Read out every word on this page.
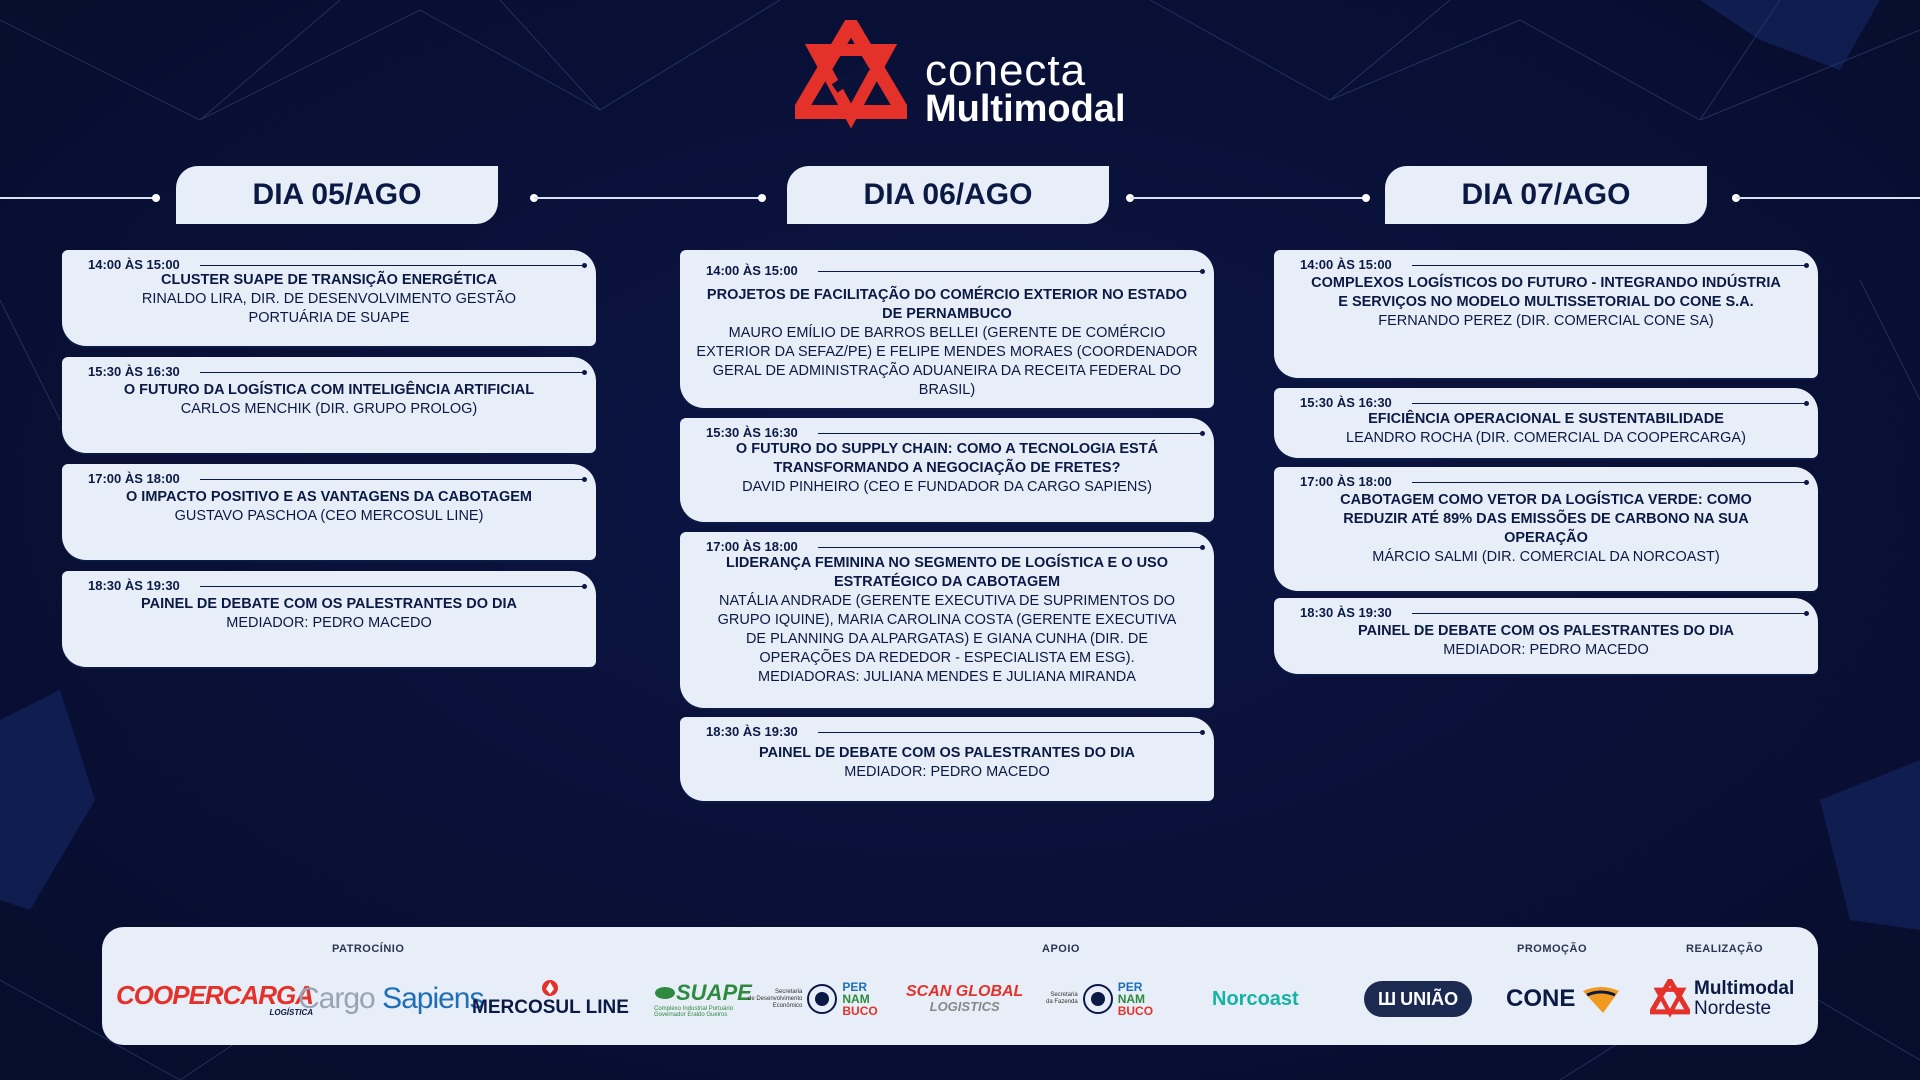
conecta
Multimodal
DIA 05/AGO	DIA 06/AGO	DIA 07/AGO
14:00 ÀS 15:00
CLUSTER SUAPE DE TRANSIÇÃO ENERGÉTICA
RINALDO LIRA, DIR. DE DESENVOLVIMENTO GESTÃO
PORTUÁRIA DE SUAPE
15:30 ÀS 16:30
O FUTURO DA LOGÍSTICA COM INTELIGÊNCIA ARTIFICIAL
CARLOS MENCHIK (DIR. GRUPO PROLOG)
17:00 ÀS 18:00
O IMPACTO POSITIVO E AS VANTAGENS DA CABOTAGEM
GUSTAVO PASCHOA (CEO MERCOSUL LINE)
18:30 ÀS 19:30
PAINEL DE DEBATE COM OS PALESTRANTES DO DIA
MEDIADOR: PEDRO MACEDO
14:00 ÀS 15:00
PROJETOS DE FACILITAÇÃO DO COMÉRCIO EXTERIOR NO ESTADO DE PERNAMBUCO
MAURO EMÍLIO DE BARROS BELLEI (GERENTE DE COMÉRCIO EXTERIOR DA SEFAZ/PE) E FELIPE MENDES MORAES (COORDENADOR GERAL DE ADMINISTRAÇÃO ADUANEIRA DA RECEITA FEDERAL DO BRASIL)
15:30 ÀS 16:30
O FUTURO DO SUPPLY CHAIN: COMO A TECNOLOGIA ESTÁ TRANSFORMANDO A NEGOCIAÇÃO DE FRETES?
DAVID PINHEIRO (CEO E FUNDADOR DA CARGO SAPIENS)
17:00 ÀS 18:00
LIDERANÇA FEMININA NO SEGMENTO DE LOGÍSTICA E O USO ESTRATÉGICO DA CABOTAGEM
NATÁLIA ANDRADE (GERENTE EXECUTIVA DE SUPRIMENTOS DO GRUPO IQUINE), MARIA CAROLINA COSTA (GERENTE EXECUTIVA DE PLANNING DA ALPARGATAS) E GIANA CUNHA (DIR. DE OPERAÇÕES DA REDEDOR - ESPECIALISTA EM ESG).
MEDIADORAS: JULIANA MENDES E JULIANA MIRANDA
18:30 ÀS 19:30
PAINEL DE DEBATE COM OS PALESTRANTES DO DIA
MEDIADOR: PEDRO MACEDO
14:00 ÀS 15:00
COMPLEXOS LOGÍSTICOS DO FUTURO - INTEGRANDO INDÚSTRIA E SERVIÇOS NO MODELO MULTISSETORIAL DO CONE S.A.
FERNANDO PEREZ (DIR. COMERCIAL CONE SA)
15:30 ÀS 16:30
EFICIÊNCIA OPERACIONAL E SUSTENTABILIDADE
LEANDRO ROCHA (DIR. COMERCIAL DA COOPERCARGA)
17:00 ÀS 18:00
CABOTAGEM COMO VETOR DA LOGÍSTICA VERDE: COMO REDUZIR ATÉ 89% DAS EMISSÕES DE CARBONO NA SUA OPERAÇÃO
MÁRCIO SALMI (DIR. COMERCIAL DA NORCOAST)
18:30 ÀS 19:30
PAINEL DE DEBATE COM OS PALESTRANTES DO DIA
MEDIADOR: PEDRO MACEDO
PATROCÍNIO	APOIO	PROMOÇÃO	REALIZAÇÃO
COOPERCARGA
LOGÍSTICA
Cargo
Sapiens
MERCOSUL LINE
SUAPE
Complexo Industrial Portuário
Governador Eraldo Gueiros
Secretaria
de Desenvolvimento
Econômico
PER
NAM
BUCO
SCAN GLOBAL
LOGISTICS
Secretaria
da Fazenda
PER
NAM
BUCO
Norcoast	Ш UNIÃO CONE	Multimodal
Nordeste
